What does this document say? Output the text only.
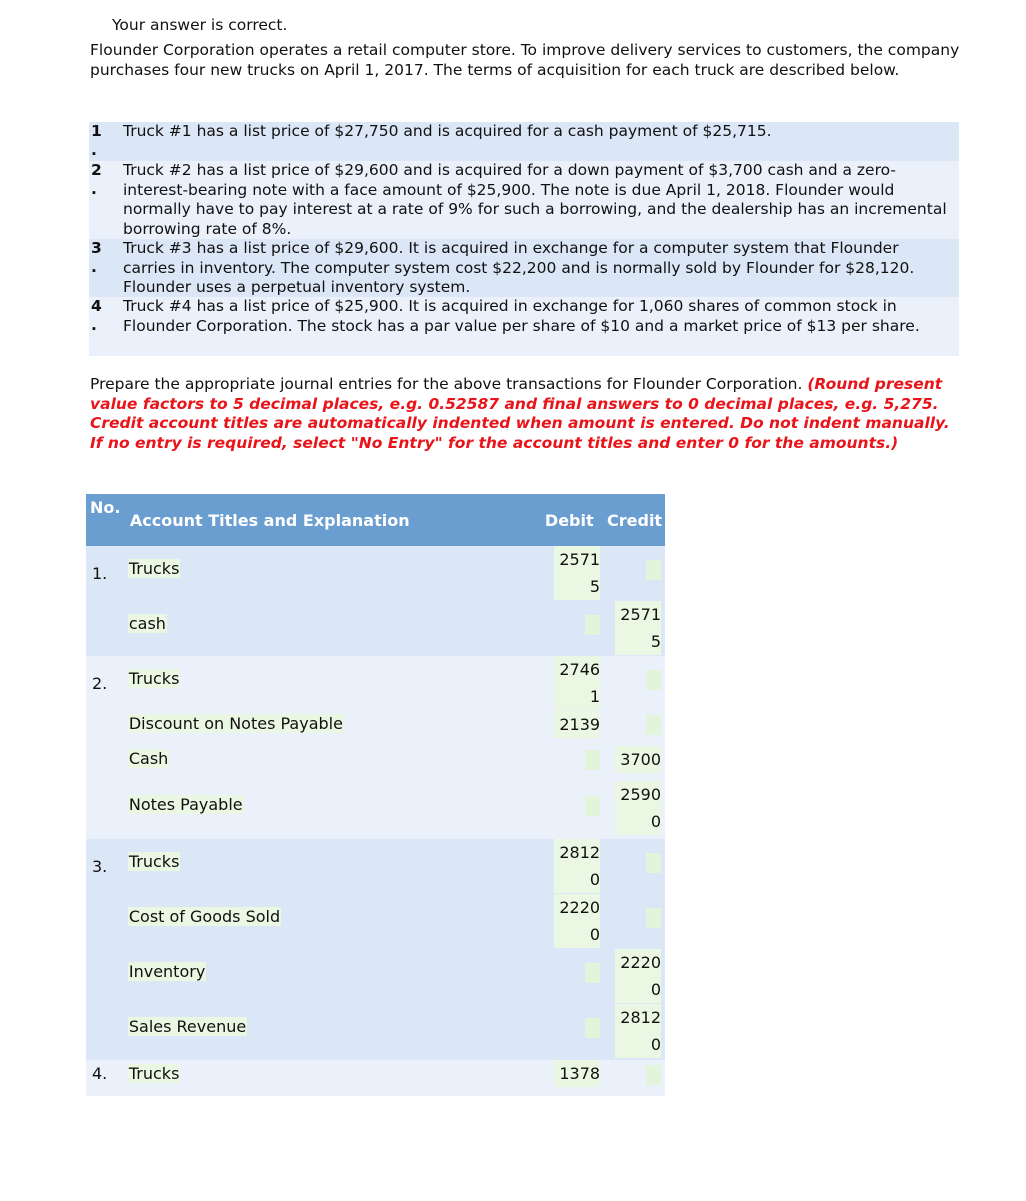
Your answer is correct.
Flounder Corporation operates a retail computer store. To improve delivery services to customers, the company purchases four new trucks on April 1, 2017. The terms of acquisition for each truck are described below.
1
.
Truck #1 has a list price of $27,750 and is acquired for a cash payment of $25,715.
2
.
Truck #2 has a list price of $29,600 and is acquired for a down payment of $3,700 cash and a zero-interest-bearing note with a face amount of $25,900. The note is due April 1, 2018. Flounder would normally have to pay interest at a rate of 9% for such a borrowing, and the dealership has an incremental borrowing rate of 8%.
3
.
Truck #3 has a list price of $29,600. It is acquired in exchange for a computer system that Flounder carries in inventory. The computer system cost $22,200 and is normally sold by Flounder for $28,120. Flounder uses a perpetual inventory system.
4
.
Truck #4 has a list price of $25,900. It is acquired in exchange for 1,060 shares of common stock in Flounder Corporation. The stock has a par value per share of $10 and a market price of $13 per share.
Prepare the appropriate journal entries for the above transactions for Flounder Corporation. (Round present value factors to 5 decimal places, e.g. 0.52587 and final answers to 0 decimal places, e.g. 5,275. Credit account titles are automatically indented when amount is entered. Do not indent manually. If no entry is required, select "No Entry" for the account titles and enter 0 for the amounts.)
No.	Account Titles and Explanation	Debit	Credit
1.	Trucks	25715	
	cash		25715
2.	Trucks	27461	
	Discount on Notes Payable	2139	
	Cash		3700
	Notes Payable		25900
3.	Trucks	28120	
	Cost of Goods Sold	22200	
	Inventory		22200
	Sales Revenue		28120
4.	Trucks	1378	
